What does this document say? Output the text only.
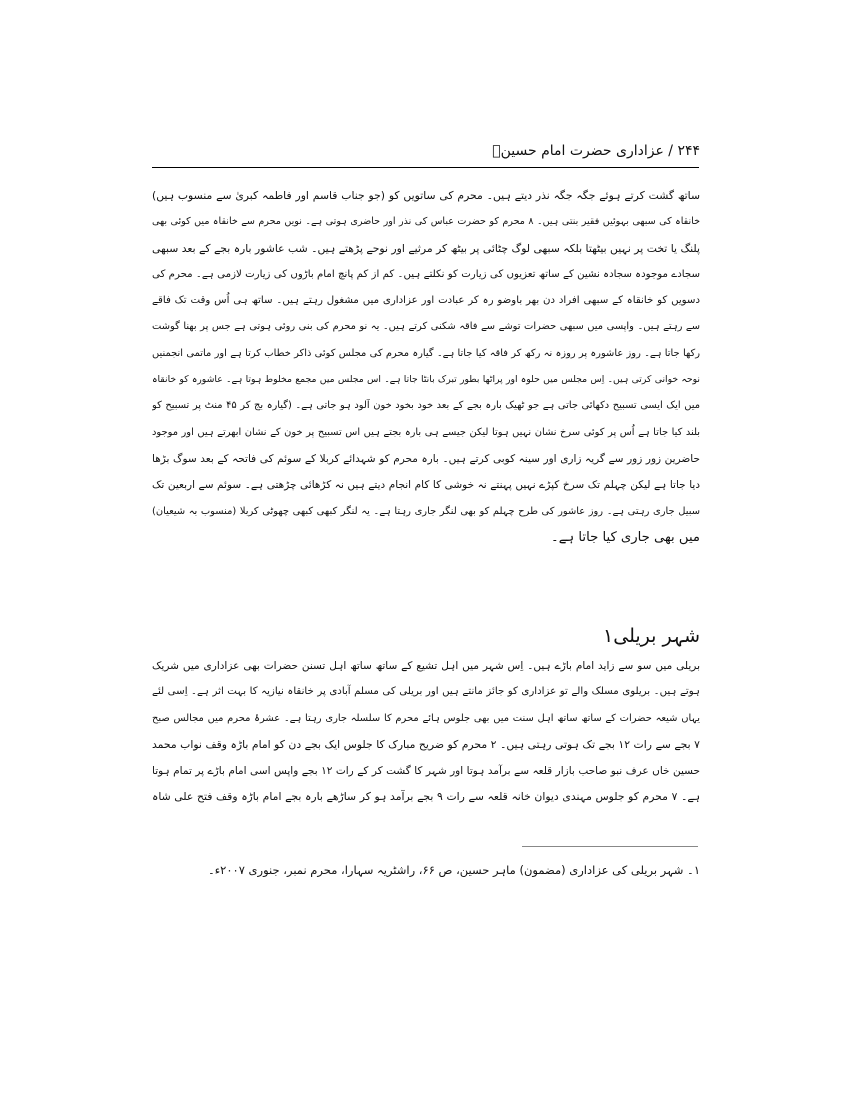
۲۴۴ / عزاداری حضرت امام حسینؑ
ساتھ گشت کرتے ہوئے جگہ جگہ نذر دیتے ہیں۔ محرم کی ساتویں کو (جو جناب قاسم اور فاطمہ کبریٰ سے منسوب ہیں)
خانقاہ کی سبھی بہوئیں فقیر بنتی ہیں۔ ۸ محرم کو حضرت عباس کی نذر اور حاضری ہوتی ہے۔ نویں محرم سے خانقاہ میں کوئی بھی
پلنگ یا تخت پر نہیں بیٹھتا بلکہ سبھی لوگ چٹائی پر بیٹھ کر مرثیے اور نوحے پڑھتے ہیں۔ شب عاشور بارہ بجے کے بعد سبھی
سجادے موجودہ سجادہ نشین کے ساتھ تعزیوں کی زیارت کو نکلتے ہیں۔ کم از کم پانچ امام باڑوں کی زیارت لازمی ہے۔ محرم کی
دسویں کو خانقاہ کے سبھی افراد دن بھر باوضو رہ کر عبادت اور عزاداری میں مشغول رہتے ہیں۔ ساتھ ہی اُس وقت تک فاقے
سے رہتے ہیں۔ واپسی میں سبھی حضرات توشے سے فاقہ شکنی کرتے ہیں۔ یہ نو محرم کی بنی روئی ہوتی ہے جس پر بھنا گوشت
رکھا جاتا ہے۔ روز عاشورہ پر روزہ نہ رکھ کر فاقہ کیا جاتا ہے۔ گیارہ محرم کی مجلس کوئی ذاکر خطاب کرتا ہے اور ماتمی انجمنیں
نوحہ خوانی کرتی ہیں۔ اِس مجلس میں حلوہ اور پراٹھا بطور تبرک بانٹا جاتا ہے۔ اس مجلس میں مجمع مخلوط ہوتا ہے۔ عاشورہ کو خانقاہ
میں ایک ایسی تسبیح دکھائی جاتی ہے جو ٹھیک بارہ بجے کے بعد خود بخود خون آلود ہو جاتی ہے۔ (گیارہ بج کر ۴۵ منٹ پر تسبیح کو
بلند کیا جاتا ہے اُس پر کوئی سرخ نشان نہیں ہوتا لیکن جیسے ہی بارہ بجتے ہیں اس تسبیح پر خون کے نشان ابھرتے ہیں اور موجود
حاضرین زور زور سے گریہ زاری اور سینہ کوبی کرتے ہیں۔ بارہ محرم کو شہدائے کربلا کے سوئم کی فاتحہ کے بعد سوگ بڑھا
دیا جاتا ہے لیکن چہلم تک سرخ کپڑے نہیں پہنتے نہ خوشی کا کام انجام دیتے ہیں نہ کڑھائی چڑھتی ہے۔ سوئم سے اربعین تک
سبیل جاری رہتی ہے۔ روز عاشور کی طرح چہلم کو بھی لنگر جاری رہتا ہے۔ یہ لنگر کبھی کبھی چھوٹی کربلا (منسوب بہ شیعیان)
میں بھی جاری کیا جاتا ہے۔
شہر بریلی۱
بریلی میں سو سے زاید امام باڑے ہیں۔ اِس شہر میں اہل تشیع کے ساتھ ساتھ اہل تسنن حضرات بھی عزاداری میں شریک
ہوتے ہیں۔ بریلوی مسلک والے تو عزاداری کو جائز مانتے ہیں اور بریلی کی مسلم آبادی پر خانقاہ نیازیہ کا بہت اثر ہے۔ اِسی لئے
یہاں شیعہ حضرات کے ساتھ ساتھ اہل سنت میں بھی جلوس ہائے محرم کا سلسلہ جاری رہتا ہے۔ عشرۂ محرم میں مجالس صبح
۷ بجے سے رات ۱۲ بجے تک ہوتی رہتی ہیں۔ ۲ محرم کو ضریح مبارک کا جلوس ایک بجے دن کو امام باڑہ وقف نواب محمد
حسین خاں عرف نبو صاحب بازار قلعہ سے برآمد ہوتا اور شہر کا گشت کر کے رات ۱۲ بجے واپس اسی امام باڑے پر تمام ہوتا
ہے۔ ۷ محرم کو جلوس مہندی دیوان خانہ قلعہ سے رات ۹ بجے برآمد ہو کر ساڑھے بارہ بجے امام باڑہ وقف فتح علی شاہ
۱۔ شہر بریلی کی عزاداری (مضمون) ماہر حسین، ص ۶۶، راشٹریہ سہارا، محرم نمبر، جنوری ۲۰۰۷ء۔
